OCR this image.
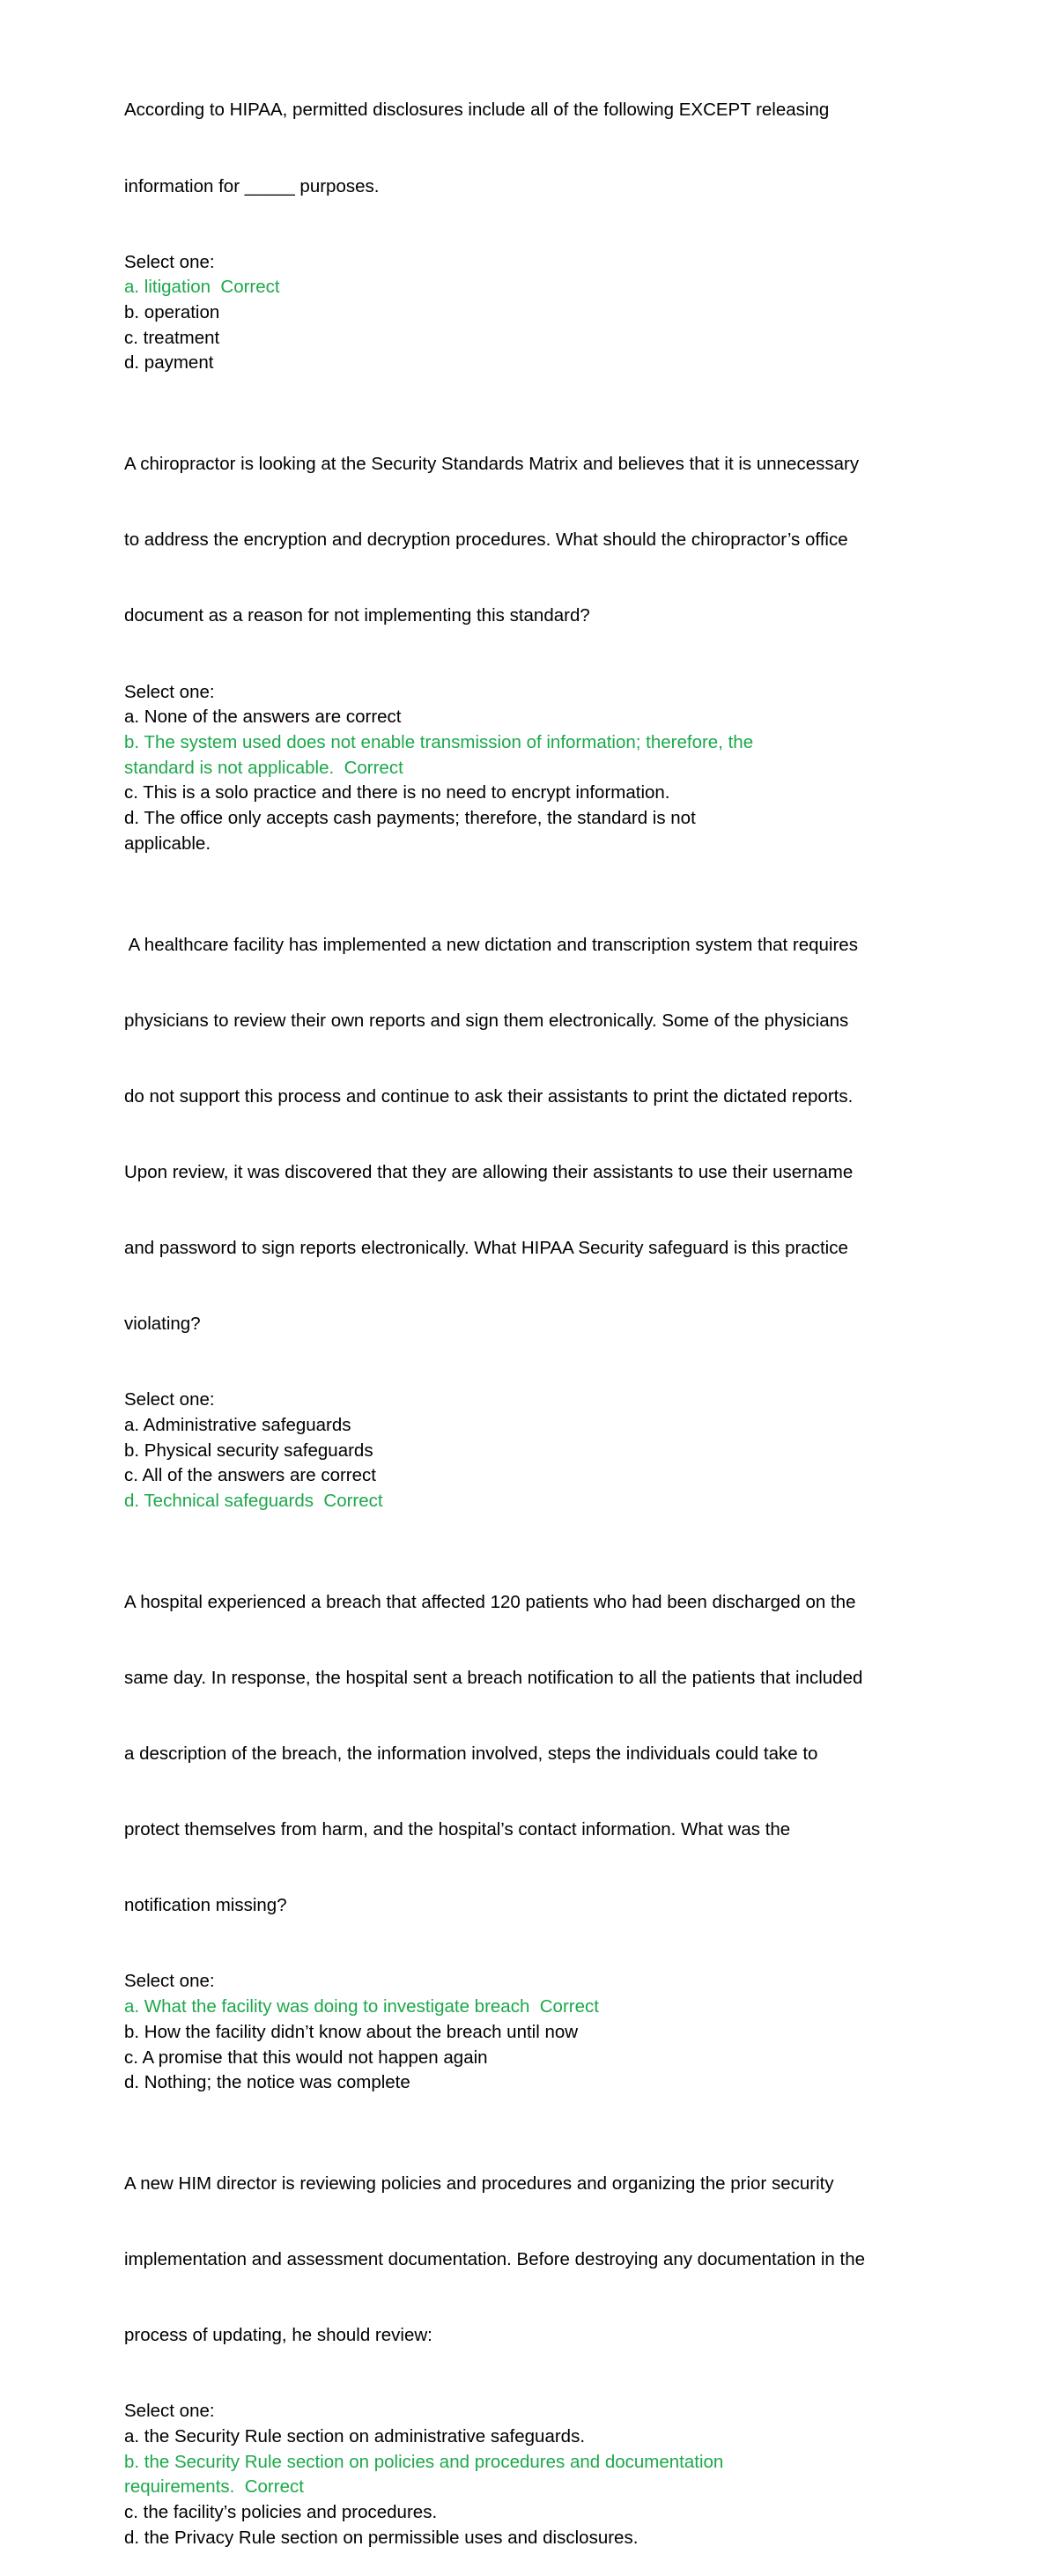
According to HIPAA, permitted disclosures include all of the following EXCEPT releasing

information for _____ purposes.

Select one:
a. litigation  Correct
b. operation
c. treatment
d. payment

A chiropractor is looking at the Security Standards Matrix and believes that it is unnecessary

to address the encryption and decryption procedures. What should the chiropractor’s office

document as a reason for not implementing this standard?

Select one:
a. None of the answers are correct
b. The system used does not enable transmission of information; therefore, the
standard is not applicable.  Correct
c. This is a solo practice and there is no need to encrypt information.
d. The office only accepts cash payments; therefore, the standard is not
applicable.

A healthcare facility has implemented a new dictation and transcription system that requires

physicians to review their own reports and sign them electronically. Some of the physicians

do not support this process and continue to ask their assistants to print the dictated reports.

Upon review, it was discovered that they are allowing their assistants to use their username

and password to sign reports electronically. What HIPAA Security safeguard is this practice

violating?

Select one:
a. Administrative safeguards
b. Physical security safeguards
c. All of the answers are correct
d. Technical safeguards  Correct

A hospital experienced a breach that affected 120 patients who had been discharged on the

same day. In response, the hospital sent a breach notification to all the patients that included

a description of the breach, the information involved, steps the individuals could take to

protect themselves from harm, and the hospital’s contact information. What was the

notification missing?

Select one:
a. What the facility was doing to investigate breach  Correct
b. How the facility didn’t know about the breach until now
c. A promise that this would not happen again
d. Nothing; the notice was complete

A new HIM director is reviewing policies and procedures and organizing the prior security

implementation and assessment documentation. Before destroying any documentation in the

process of updating, he should review:

Select one:
a. the Security Rule section on administrative safeguards.
b. the Security Rule section on policies and procedures and documentation
requirements.  Correct
c. the facility’s policies and procedures.
d. the Privacy Rule section on permissible uses and disclosures.
